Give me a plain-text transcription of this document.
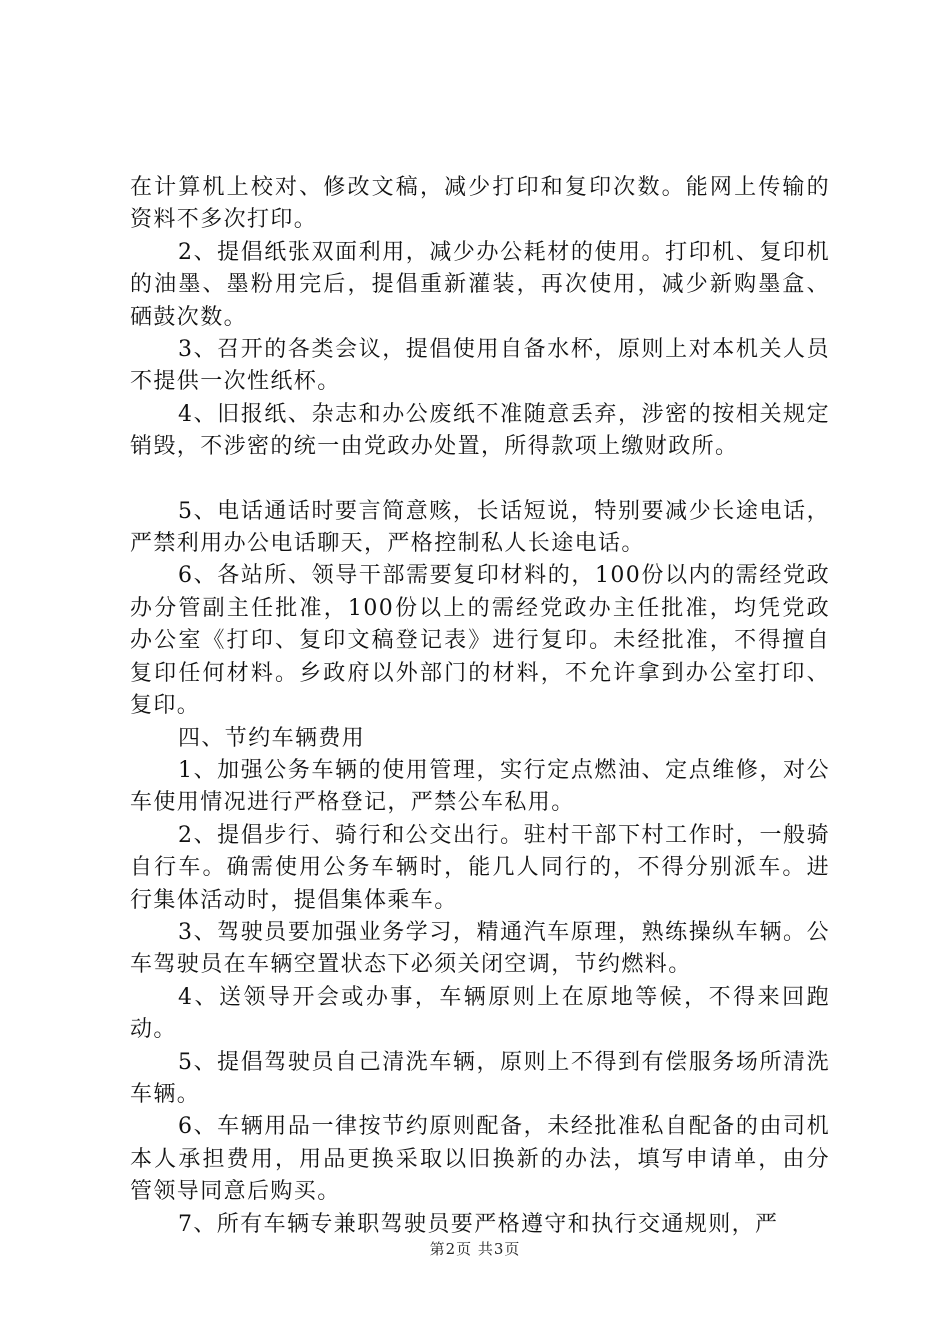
在计算机上校对、修改文稿，减少打印和复印次数。能网上传输的资料不多次打印。

2、提倡纸张双面利用，减少办公耗材的使用。打印机、复印机的油墨、墨粉用完后，提倡重新灌装，再次使用，减少新购墨盒、硒鼓次数。

3、召开的各类会议，提倡使用自备水杯，原则上对本机关人员不提供一次性纸杯。

4、旧报纸、杂志和办公废纸不准随意丢弃，涉密的按相关规定销毁，不涉密的统一由党政办处置，所得款项上缴财政所。

5、电话通话时要言简意赅，长话短说，特别要减少长途电话，严禁利用办公电话聊天，严格控制私人长途电话。

6、各站所、领导干部需要复印材料的，100份以内的需经党政办分管副主任批准，100份以上的需经党政办主任批准，均凭党政办公室《打印、复印文稿登记表》进行复印。未经批准，不得擅自复印任何材料。乡政府以外部门的材料，不允许拿到办公室打印、复印。

四、节约车辆费用

1、加强公务车辆的使用管理，实行定点燃油、定点维修，对公车使用情况进行严格登记，严禁公车私用。

2、提倡步行、骑行和公交出行。驻村干部下村工作时，一般骑自行车。确需使用公务车辆时，能几人同行的，不得分别派车。进行集体活动时，提倡集体乘车。

3、驾驶员要加强业务学习，精通汽车原理，熟练操纵车辆。公车驾驶员在车辆空置状态下必须关闭空调，节约燃料。

4、送领导开会或办事，车辆原则上在原地等候，不得来回跑动。

5、提倡驾驶员自己清洗车辆，原则上不得到有偿服务场所清洗车辆。

6、车辆用品一律按节约原则配备，未经批准私自配备的由司机本人承担费用，用品更换采取以旧换新的办法，填写申请单，由分管领导同意后购买。

7、所有车辆专兼职驾驶员要严格遵守和执行交通规则，严

第2页 共3页
